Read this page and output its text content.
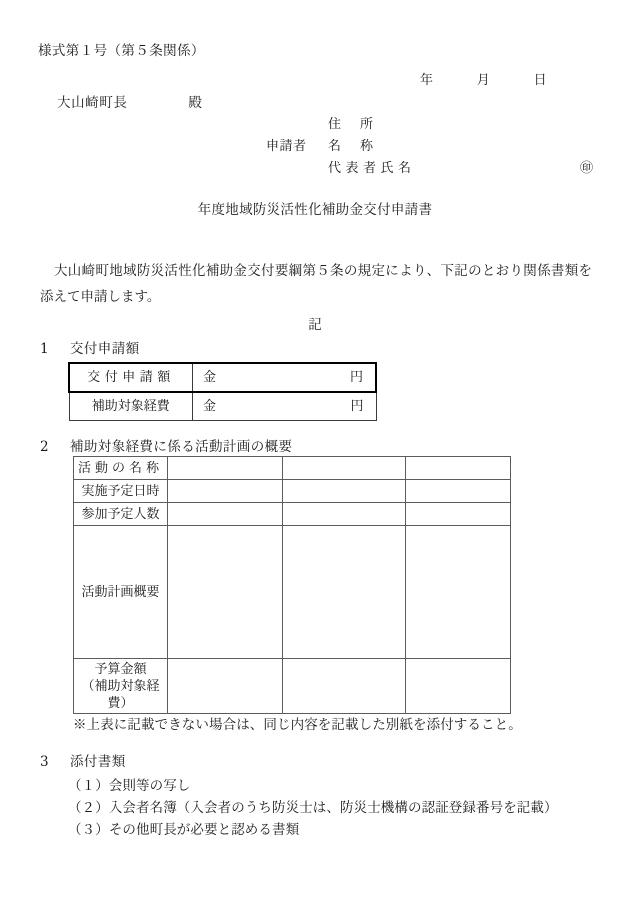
様式第１号（第５条関係）
年	月	日
大山崎町長	殿
住所
申請者	名称
代表者氏名	㊞
年度地域防災活性化補助金交付申請書
大山崎町地域防災活性化補助金交付要綱第５条の規定により、下記のとおり関係書類を添えて申請します。
記
1 交付申請額
交付申請額	金 円

補助対象経費	金 円
2 補助対象経費に係る活動計画の概要
活動の名称			
実施予定日時			
参加予定人数			
活動計画概要			

予算金額
（補助対象経費）			

※上表に記載できない場合は、同じ内容を記載した別紙を添付すること。
3 添付書類
（１）会則等の写し
（２）入会者名簿（入会者のうち防災士は、防災士機構の認証登録番号を記載）
（３）その他町長が必要と認める書類
